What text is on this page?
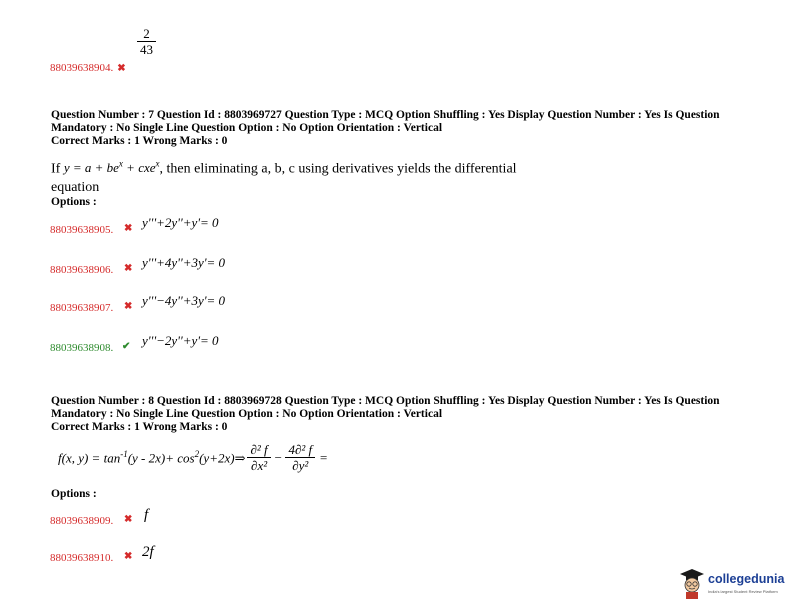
$\frac{2}{43}$
88039638904. ✖
Question Number : 7 Question Id : 8803969727 Question Type : MCQ Option Shuffling : Yes Display Question Number : Yes Is Question
Mandatory : No Single Line Question Option : No Option Orientation : Vertical
Correct Marks : 1 Wrong Marks : 0
If $y = a + be^x + cxe^x$, then eliminating a, b, c using derivatives yields the differential
equation
Options :
88039638905. ✖ y'''+2y''+y'= 0
88039638906. ✖ y'''+4y''+3y'= 0
88039638907. ✖ y'''−4y''+3y'= 0
88039638908. ✔ y'''−2y''+y'= 0
Question Number : 8 Question Id : 8803969728 Question Type : MCQ Option Shuffling : Yes Display Question Number : Yes Is Question
Mandatory : No Single Line Question Option : No Option Orientation : Vertical
Correct Marks : 1 Wrong Marks : 0
f(x, $y) = \tan^{-1}(y - 2x)+$ $\cos^2(y+2x)\Rightarrow \frac{\text{∂² f}}{\text{∂x²}} - \frac{\text{4∂² f}}{\text{∂y²}}$ =
Options :
88039638909. ✖ f
88039638910. ✖ 2f
collegedunia
India's largest Student Review Platform
